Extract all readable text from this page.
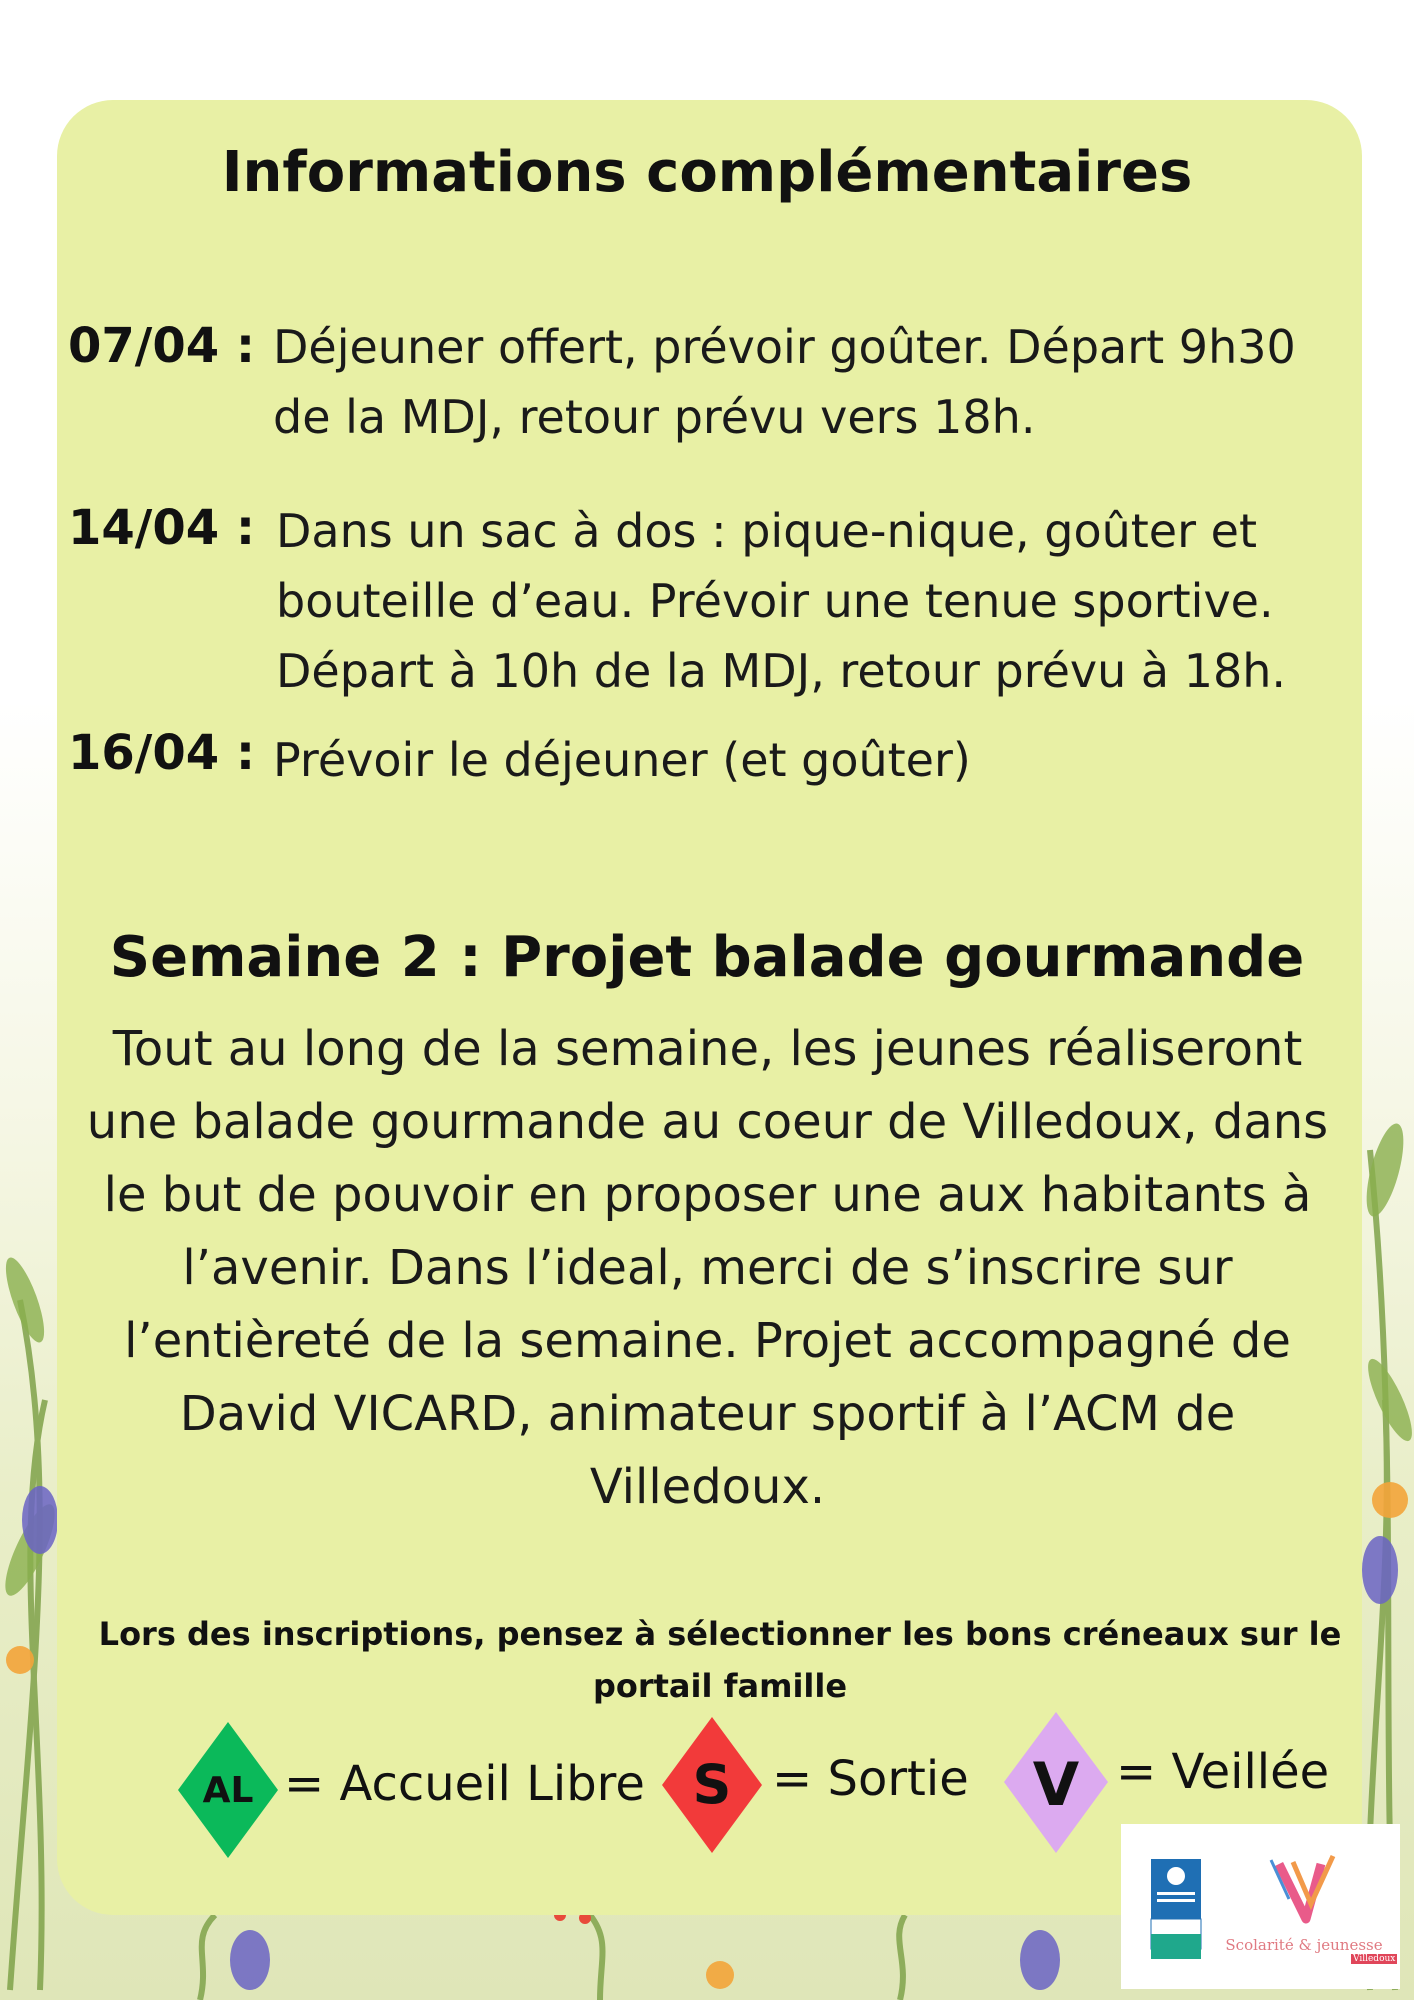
Informations complémentaires
07/04 : Déjeuner offert, prévoir goûter. Départ 9h30
de la MDJ, retour prévu vers 18h.
14/04 : Dans un sac à dos : pique-nique, goûter et
bouteille d’eau. Prévoir une tenue sportive.
Départ à 10h de la MDJ, retour prévu à 18h.
16/04 : Prévoir le déjeuner (et goûter)
Semaine 2 : Projet balade gourmande
Tout au long de la semaine, les jeunes réaliseront une balade gourmande au coeur de Villedoux, dans le but de pouvoir en proposer une aux habitants à l’avenir. Dans l’ideal, merci de s’inscrire sur l’entièreté de la semaine. Projet accompagné de David VICARD, animateur sportif à l’ACM de Villedoux.
Lors des inscriptions, pensez à sélectionner les bons créneaux sur le portail famille
AL = Accueil Libre S = Sortie V = Veillée
Scolarité & jeunesse
Villedoux
